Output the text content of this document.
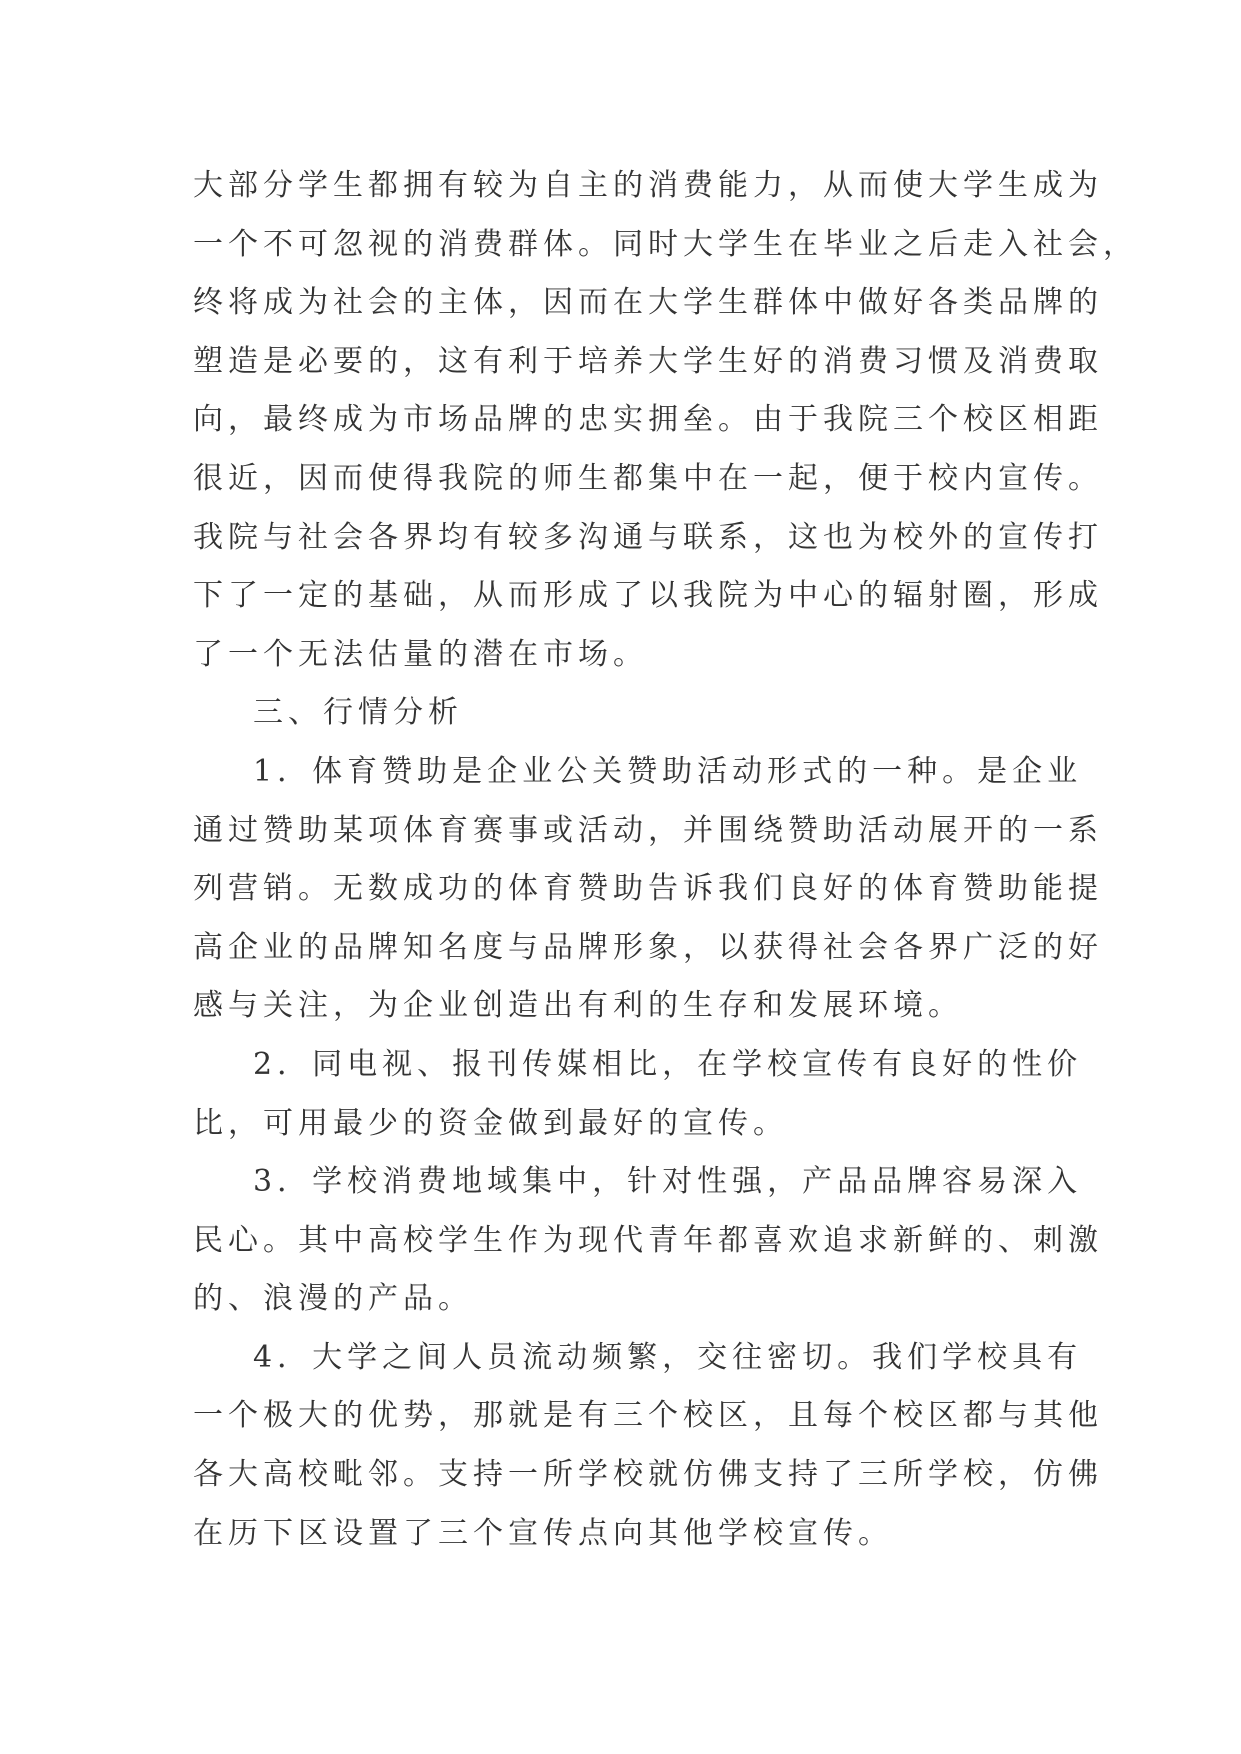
大部分学生都拥有较为自主的消费能力，从而使大学生成为
一个不可忽视的消费群体。同时大学生在毕业之后走入社会，
终将成为社会的主体，因而在大学生群体中做好各类品牌的
塑造是必要的，这有利于培养大学生好的消费习惯及消费取
向，最终成为市场品牌的忠实拥垒。由于我院三个校区相距
很近，因而使得我院的师生都集中在一起，便于校内宣传。
我院与社会各界均有较多沟通与联系，这也为校外的宣传打
下了一定的基础，从而形成了以我院为中心的辐射圈，形成
了一个无法估量的潜在市场。
三、行情分析
1．体育赞助是企业公关赞助活动形式的一种。是企业
通过赞助某项体育赛事或活动，并围绕赞助活动展开的一系
列营销。无数成功的体育赞助告诉我们良好的体育赞助能提
高企业的品牌知名度与品牌形象，以获得社会各界广泛的好
感与关注，为企业创造出有利的生存和发展环境。
2．同电视、报刊传媒相比，在学校宣传有良好的性价
比，可用最少的资金做到最好的宣传。
3．学校消费地域集中，针对性强，产品品牌容易深入
民心。其中高校学生作为现代青年都喜欢追求新鲜的、刺激
的、浪漫的产品。
4．大学之间人员流动频繁，交往密切。我们学校具有
一个极大的优势，那就是有三个校区，且每个校区都与其他
各大高校毗邻。支持一所学校就仿佛支持了三所学校，仿佛
在历下区设置了三个宣传点向其他学校宣传。
